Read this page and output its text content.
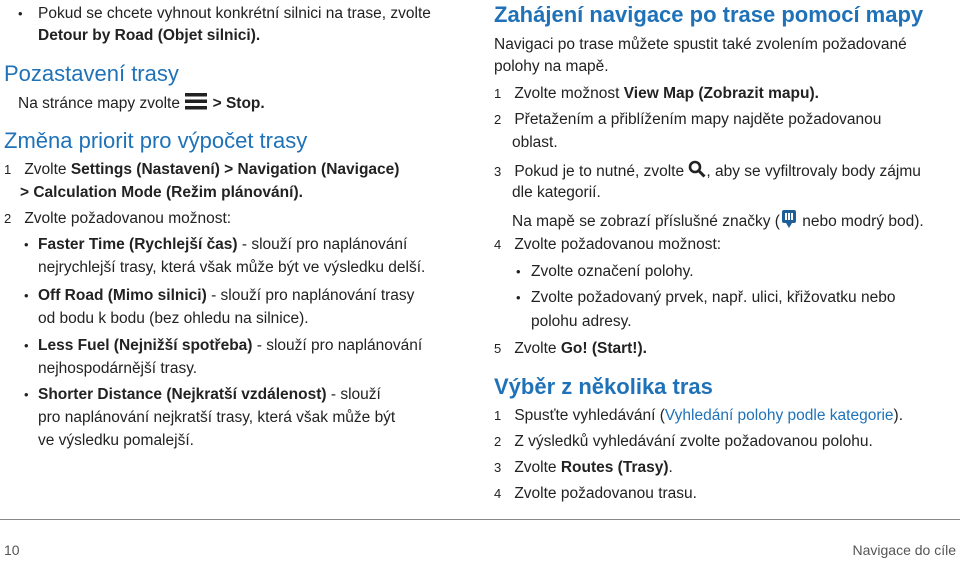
• Pokud se chcete vyhnout konkrétní silnici na trase, zvolte
Detour by Road (Objet silnici).
Pozastavení trasy
Na stránce mapy zvolte > Stop.
Změna priorit pro výpočet trasy
1 Zvolte Settings (Nastavení) > Navigation (Navigace)
> Calculation Mode (Režim plánování).
2 Zvolte požadovanou možnost:
• Faster Time (Rychlejší čas) - slouží pro naplánování
nejrychlejší trasy, která však může být ve výsledku delší.
• Off Road (Mimo silnici) - slouží pro naplánování trasy
od bodu k bodu (bez ohledu na silnice).
• Less Fuel (Nejnižší spotřeba) - slouží pro naplánování
nejhospodárnější trasy.
• Shorter Distance (Nejkratší vzdálenost) - slouží
pro naplánování nejkratší trasy, která však může být
ve výsledku pomalejší.
Zahájení navigace po trase pomocí mapy
Navigaci po trase můžete spustit také zvolením požadované
polohy na mapě.
1 Zvolte možnost View Map (Zobrazit mapu).
2 Přetažením a přiblížením mapy najděte požadovanou
oblast.
3 Pokud je to nutné, zvolte , aby se vyfiltrovaly body zájmu
dle kategorií.
Na mapě se zobrazí příslušné značky ( nebo modrý bod).
4 Zvolte požadovanou možnost:
• Zvolte označení polohy.
• Zvolte požadovaný prvek, např. ulici, křižovatku nebo
polohu adresy.
5 Zvolte Go! (Start!).
Výběr z několika tras
1 Spusťte vyhledávání (Vyhledání polohy podle kategorie).
2 Z výsledků vyhledávání zvolte požadovanou polohu.
3 Zvolte Routes (Trasy).
4 Zvolte požadovanou trasu.
10	Navigace do cíle
